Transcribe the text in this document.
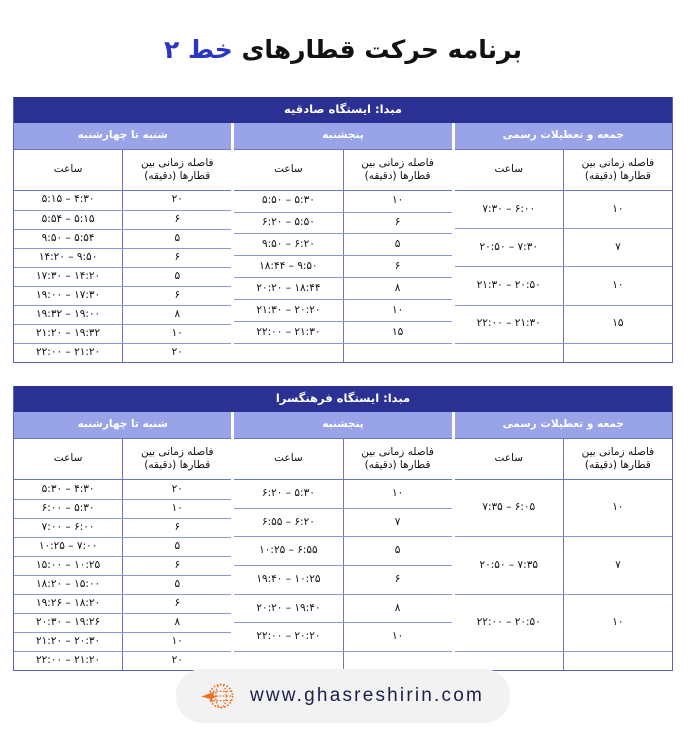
برنامه حرکت قطارهای خط ۲
مبدا: ایستگاه صادقیه
جمعه و تعطیلات رسمی
فاصله زمانی بین قطارها (دقیقه)
ساعت
۱۰
۶:۰۰ – ۷:۳۰
۷
۷:۳۰ – ۲۰:۵۰
۱۰
۲۰:۵۰ – ۲۱:۳۰
۱۵
۲۱:۳۰ – ۲۲:۰۰
پنجشنبه
فاصله زمانی بین قطارها (دقیقه)
ساعت
۱۰
۵:۳۰ – ۵:۵۰
۶
۵:۵۰ – ۶:۲۰
۵
۶:۲۰ – ۹:۵۰
۶
۹:۵۰ – ۱۸:۴۴
۸
۱۸:۴۴ – ۲۰:۲۰
۱۰
۲۰:۲۰ – ۲۱:۳۰
۱۵
۲۱:۳۰ – ۲۲:۰۰
شنبه تا چهارشنبه
فاصله زمانی بین قطارها (دقیقه)
ساعت
۲۰
۴:۳۰ – ۵:۱۵
۶
۵:۱۵ – ۵:۵۴
۵
۵:۵۴ – ۹:۵۰
۶
۹:۵۰ – ۱۴:۲۰
۵
۱۴:۲۰ – ۱۷:۳۰
۶
۱۷:۳۰ – ۱۹:۰۰
۸
۱۹:۰۰ – ۱۹:۳۲
۱۰
۱۹:۳۲ – ۲۱:۲۰
۲۰
۲۱:۲۰ – ۲۲:۰۰
مبدا: ایستگاه فرهنگسرا
جمعه و تعطیلات رسمی
فاصله زمانی بین قطارها (دقیقه)
ساعت
۱۰
۶:۰۵ – ۷:۳۵
۷
۷:۳۵ – ۲۰:۵۰
۱۰
۲۰:۵۰ – ۲۲:۰۰
پنجشنبه
فاصله زمانی بین قطارها (دقیقه)
ساعت
۱۰
۵:۳۰ – ۶:۲۰
۷
۶:۲۰ – ۶:۵۵
۵
۶:۵۵ – ۱۰:۲۵
۶
۱۰:۲۵ – ۱۹:۴۰
۸
۱۹:۴۰ – ۲۰:۲۰
۱۰
۲۰:۲۰ – ۲۲:۰۰
شنبه تا چهارشنبه
فاصله زمانی بین قطارها (دقیقه)
ساعت
۲۰
۴:۳۰ – ۵:۳۰
۱۰
۵:۳۰ – ۶:۰۰
۶
۶:۰۰ – ۷:۰۰
۵
۷:۰۰ – ۱۰:۲۵
۶
۱۰:۲۵ – ۱۵:۰۰
۵
۱۵:۰۰ – ۱۸:۲۰
۶
۱۸:۲۰ – ۱۹:۲۶
۸
۱۹:۲۶ – ۲۰:۳۰
۱۰
۲۰:۳۰ – ۲۱:۲۰
۲۰
۲۱:۲۰ – ۲۲:۰۰
www.ghasreshirin.com
